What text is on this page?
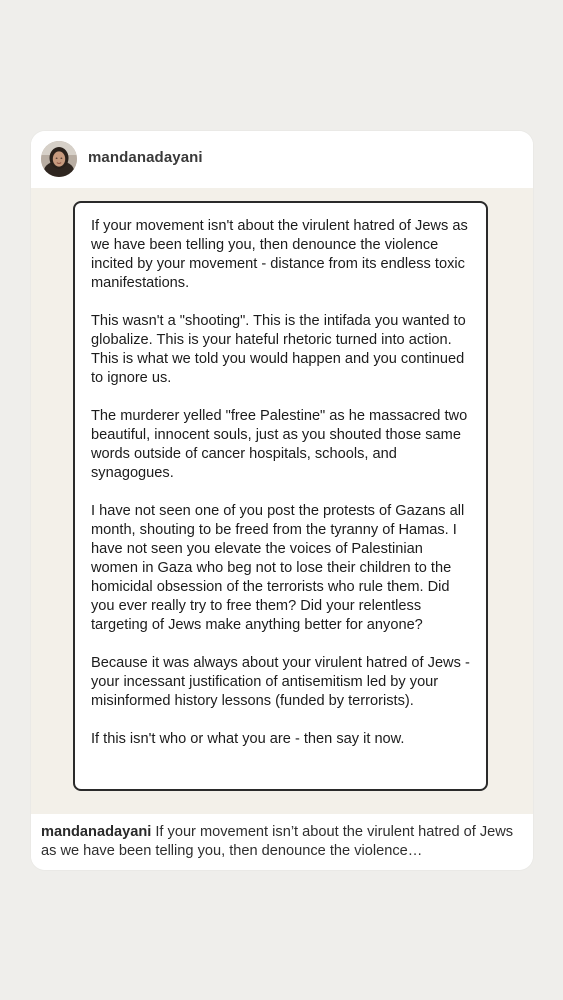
mandanadayani

If your movement isn't about the virulent hatred of Jews as we have been telling you, then denounce the violence incited by your movement - distance from its endless toxic manifestations.

This wasn't a "shooting". This is the intifada you wanted to globalize. This is your hateful rhetoric turned into action. This is what we told you would happen and you continued to ignore us.

The murderer yelled "free Palestine" as he massacred two beautiful, innocent souls, just as you shouted those same words outside of cancer hospitals, schools, and synagogues.

I have not seen one of you post the protests of Gazans all month, shouting to be freed from the tyranny of Hamas. I have not seen you elevate the voices of Palestinian women in Gaza who beg not to lose their children to the homicidal obsession of the terrorists who rule them. Did you ever really try to free them? Did your relentless targeting of Jews make anything better for anyone?

Because it was always about your virulent hatred of Jews - your incessant justification of antisemitism led by your misinformed history lessons (funded by terrorists).

If this isn't who or what you are - then say it now.

mandanadayani If your movement isn’t about the virulent hatred of Jews as we have been telling you, then denounce the violence…
